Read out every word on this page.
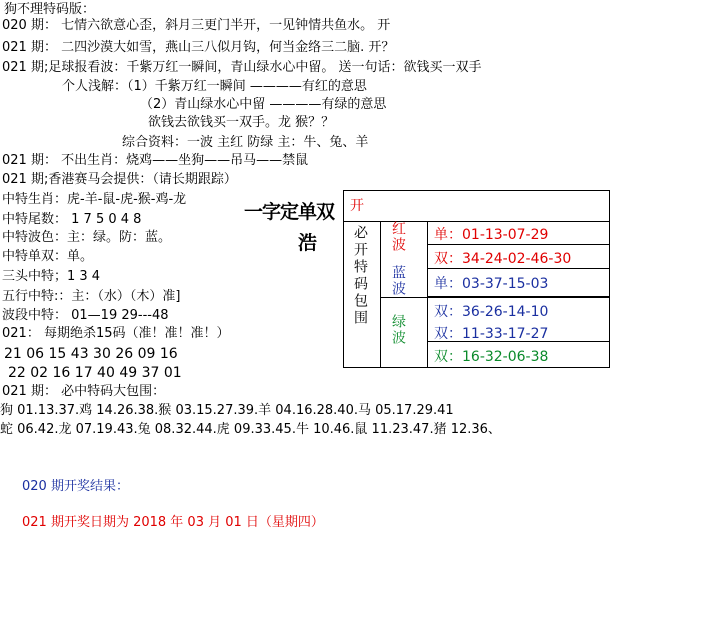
狗不理特码版：
020 期： 七情六欲意心歪，斜月三更门半开，一见钟情共鱼水。 开
021 期： 二四沙漠大如雪，燕山三八似月钩，何当金络三二脑. 开？
021 期;足球报看波：千紫万红一瞬间，青山绿水心中留。 送一句话：欲钱买一双手
个人浅解：（1）千紫万红一瞬间 ————有红的意思
（2）青山绿水心中留 ————有绿的意思
欲钱去欲钱买一双手。龙 猴？？
综合资料：一波 主红 防绿 主：牛、兔、羊
021 期： 不出生肖：烧鸡——坐狗——吊马——禁鼠
021 期;香港赛马会提供：（请长期跟踪）
中特生肖：虎-羊-鼠-虎-猴-鸡-龙
中特尾数： 1 7 5 0 4 8
中特波色：主：绿。防：蓝。
中特单双：单。
三头中特；1 3 4
五行中特:：主：（水）（木）准]
波段中特： 01—19 29---48
021： 每期绝杀15码（准！准！准！）
21 06 15 43 30 26 09 16
22 02 16 17 40 49 37 01
021 期： 必中特码大包围：
狗 01.13.37.鸡 14.26.38.猴 03.15.27.39.羊 04.16.28.40.马 05.17.29.41
蛇 06.42.龙 07.19.43.兔 08.32.44.虎 09.33.45.牛 10.46.鼠 11.23.47.猪 12.36、
020 期开奖结果：
021 期开奖日期为 2018 年 03 月 01 日（星期四）
一字定单双
浩
开
必开特码包围 红波
蓝波
绿波
单：01-13-07-29
双：34-24-02-46-30
单：03-37-15-03
双：36-26-14-10
双：11-33-17-27
双：16-32-06-38
